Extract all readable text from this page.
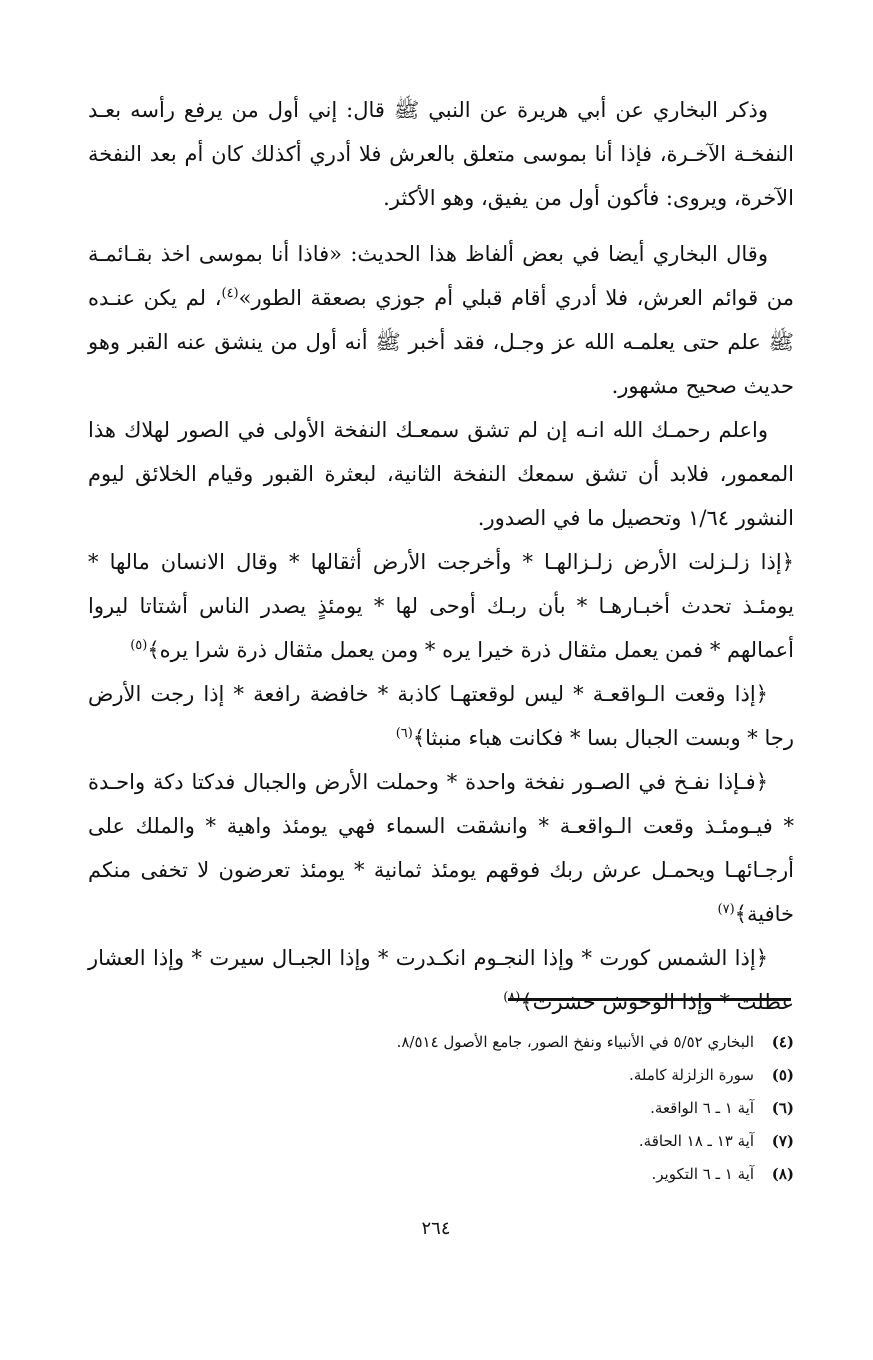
وذكر البخاري عن أبي هريرة عن النبي ﷺ قال: إني أول من يرفع رأسه بعـد النفخـة الآخـرة، فإذا أنا بموسى متعلق بالعرش فلا أدري أكذلك كان أم بعد النفخة الآخرة، ويروى: فأكون أول من يفيق، وهو الأكثر.

وقال البخاري أيضا في بعض ألفاظ هذا الحديث: «فاذا أنا بموسى اخذ بقـائمـة من قوائم العرش، فلا أدري أقام قبلي أم جوزي بصعقة الطور»$^{(٤)}$، لم يكن عنـده ﷺ علم حتى يعلمـه الله عز وجـل، فقد أخبر ﷺ أنه أول من ينشق عنه القبر وهو حديث صحيح مشهور.

واعلم رحمـك الله انـه إن لم تشق سمعـك النفخة الأولى في الصور لهلاك هذا المعمور، فلابد أن تشق سمعك النفخة الثانية، لبعثرة القبور وقيام الخلائق ليوم النشور ١/٦٤ وتحصيل ما في الصدور.

﴿إذا زلـزلت الأرض زلـزالهـا * وأخرجت الأرض أثقالها * وقال الانسان مالها * يومئـذ تحدث أخبـارهـا * بأن ربـك أوحى لها * يومئذٍ يصدر الناس أشتاتا ليروا أعمالهم * فمن يعمل مثقال ذرة خيرا يره * ومن يعمل مثقال ذرة شرا يره﴾$^{(٥)}$

﴿إذا وقعت الـواقعـة * ليس لوقعتهـا كاذبة * خافضة رافعة * إذا رجت الأرض رجا * وبست الجبال بسا * فكانت هباء منبثا﴾$^{(٦)}$

﴿فـإذا نفـخ في الصـور نفخة واحدة * وحملت الأرض والجبال فدكتا دكة واحـدة * فيـومئـذ وقعت الـواقعـة * وانشقت السماء فهي يومئذ واهية * والملك على أرجـائهـا ويحمـل عرش ربك فوقهم يومئذ ثمانية * يومئذ تعرضون لا تخفى منكم خافية﴾$^{(٧)}$

﴿إذا الشمس كورت * وإذا النجـوم انكـدرت * وإذا الجبـال سيرت * وإذا العشار عطلت * وإذا الوحوش حشرت﴾$^{(٨)}$

(٤)البخاري ٥/٥٢ في الأنبياء ونفخ الصور، جامع الأصول ٨/٥١٤.
(٥)سورة الزلزلة كاملة.
(٦)آية ١ ـ ٦ الواقعة.
(٧)آية ١٣ ـ ١٨ الحاقة.
(٨)آية ١ ـ ٦ التكوير.
٢٦٤
